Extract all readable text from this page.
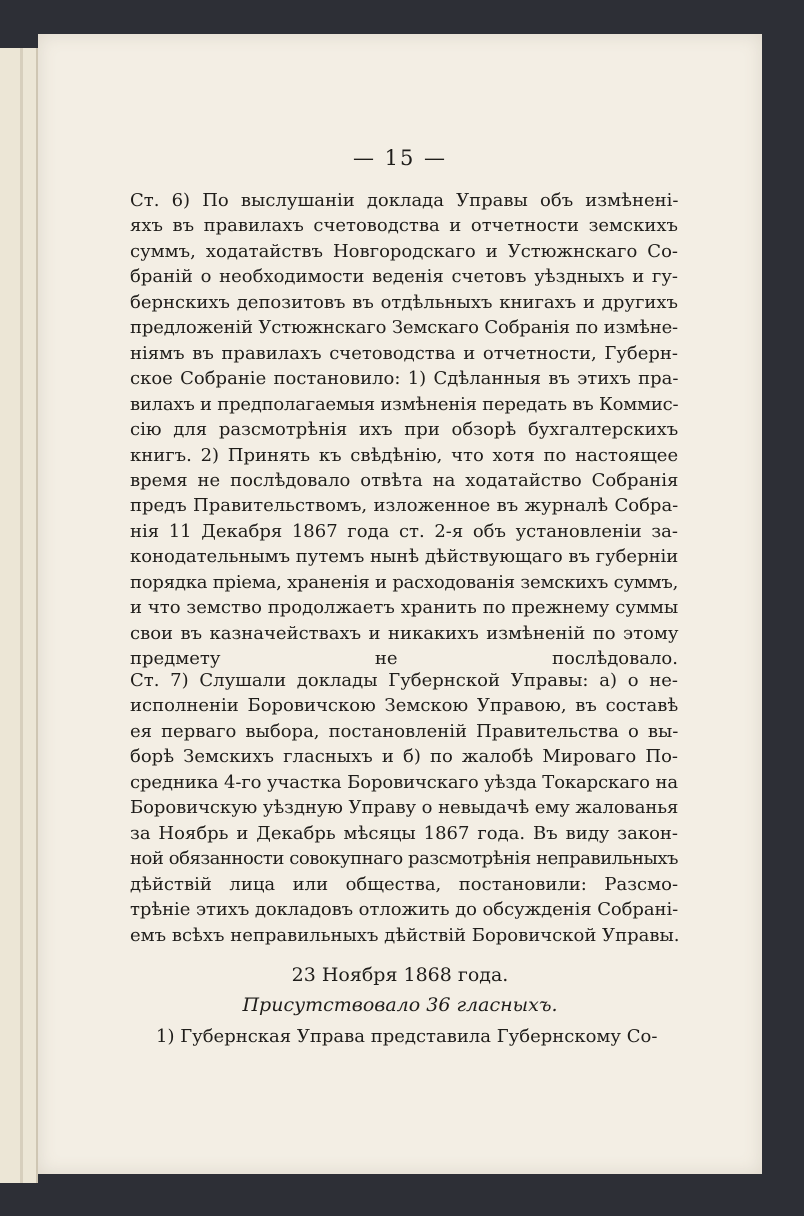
— 15 —
Ст. 6) По выслушанiи доклада Управы объ измѣненi-
яхъ въ правилахъ счетоводства и отчетности земскихъ
суммъ, ходатайствъ Новгородскаго и Устюжнскаго Со-
бранiй о необходимости веденiя счетовъ уѣздныхъ и гу-
бернскихъ депозитовъ въ отдѣльныхъ книгахъ и другихъ
предложенiй Устюжнскаго Земскаго Собранiя по измѣне-
нiямъ въ правилахъ счетоводства и отчетности, Губерн-
ское Собранiе постановило: 1) Сдѣланныя въ этихъ пра-
вилахъ и предполагаемыя измѣненiя передать въ Коммис-
сiю для разсмотрѣнiя ихъ при обзорѣ бухгалтерскихъ
книгъ. 2) Принять къ свѣдѣнiю, что хотя по настоящее
время не послѣдовало отвѣта на ходатайство Собранiя
предъ Правительствомъ, изложенное въ журналѣ Собра-
нiя 11 Декабря 1867 года ст. 2-я объ установленiи за-
конодательнымъ путемъ нынѣ дѣйствующаго въ губернiи
порядка прiема, храненiя и расходованiя земскихъ суммъ,
и что земство продолжаетъ хранить по прежнему суммы
свои въ казначействахъ и никакихъ измѣненiй по этому
предмету не послѣдовало.
Ст. 7) Слушали доклады Губернской Управы: а) о не-
исполненiи Боровичскою Земскою Управою, въ составѣ
ея перваго выбора, постановленiй Правительства о вы-
борѣ Земскихъ гласныхъ и б) по жалобѣ Мироваго По-
средника 4-го участка Боровичскаго уѣзда Токарскаго на
Боровичскую уѣздную Управу о невыдачѣ ему жалованья
за Ноябрь и Декабрь мѣсяцы 1867 года. Въ виду закон-
ной обязанности совокупнаго разсмотрѣнiя неправильныхъ
дѣйствiй лица или общества, постановили: Разсмо-
трѣнiе этихъ докладовъ отложить до обсужденiя Собранi-
емъ всѣхъ неправильныхъ дѣйствiй Боровичской Управы.
23 Ноября 1868 года.
Присутствовало 36 гласныхъ.
1) Губернская Управа представила Губернскому Со-
